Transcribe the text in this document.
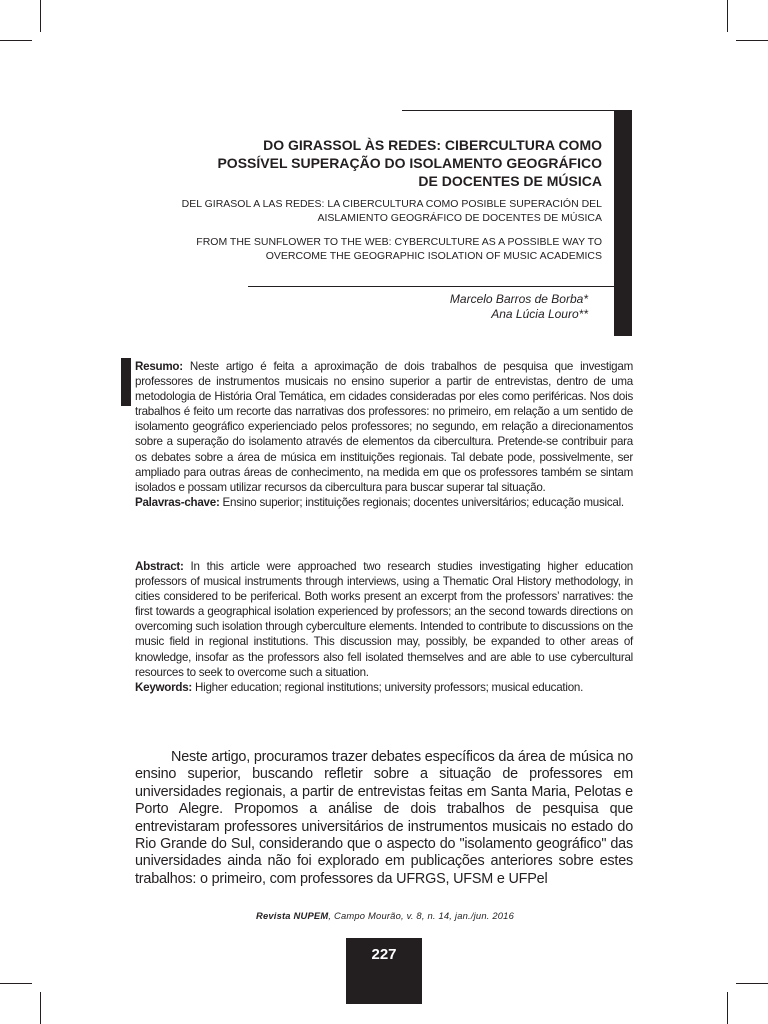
DO GIRASSOL ÀS REDES: CIBERCULTURA COMO POSSÍVEL SUPERAÇÃO DO ISOLAMENTO GEOGRÁFICO DE DOCENTES DE MÚSICA

DEL GIRASOL A LAS REDES: LA CIBERCULTURA COMO POSIBLE SUPERACIÓN DEL AISLAMIENTO GEOGRÁFICO DE DOCENTES DE MÚSICA

FROM THE SUNFLOWER TO THE WEB: CYBERCULTURE AS A POSSIBLE WAY TO OVERCOME THE GEOGRAPHIC ISOLATION OF MUSIC ACADEMICS

Marcelo Barros de Borba*
Ana Lúcia Louro**

Resumo: Neste artigo é feita a aproximação de dois trabalhos de pesquisa que investigam professores de instrumentos musicais no ensino superior a partir de entrevistas, dentro de uma metodologia de História Oral Temática, em cidades consideradas por eles como periféricas. Nos dois trabalhos é feito um recorte das narrativas dos professores: no primeiro, em relação a um sentido de isolamento geográfico experienciado pelos professores; no segundo, em relação a direcionamentos sobre a superação do isolamento através de elementos da cibercultura. Pretende-se contribuir para os debates sobre a área de música em instituições regionais. Tal debate pode, possivelmente, ser ampliado para outras áreas de conhecimento, na medida em que os professores também se sintam isolados e possam utilizar recursos da cibercultura para buscar superar tal situação.

Palavras-chave: Ensino superior; instituições regionais; docentes universitários; educação musical.

Abstract: In this article were approached two research studies investigating higher education professors of musical instruments through interviews, using a Thematic Oral History methodology, in cities considered to be periferical. Both works present an excerpt from the professors’ narratives: the first towards a geographical isolation experienced by professors; an the second towards directions on overcoming such isolation through cyberculture elements. Intended to contribute to discussions on the music field in regional institutions. This discussion may, possibly, be expanded to other areas of knowledge, insofar as the professors also fell isolated themselves and are able to use cybercultural resources to seek to overcome such a situation.

Keywords: Higher education; regional institutions; university professors; musical education.

Neste artigo, procuramos trazer debates específicos da área de música no ensino superior, buscando refletir sobre a situação de professores em universidades regionais, a partir de entrevistas feitas em Santa Maria, Pelotas e Porto Alegre. Propomos a análise de dois trabalhos de pesquisa que entrevistaram professores universitários de instrumentos musicais no estado do Rio Grande do Sul, considerando que o aspecto do "isolamento geográfico" das universidades ainda não foi explorado em publicações anteriores sobre estes trabalhos: o primeiro, com professores da UFRGS, UFSM e UFPel

Revista NUPEM, Campo Mourão, v. 8, n. 14, jan./jun. 2016
227
